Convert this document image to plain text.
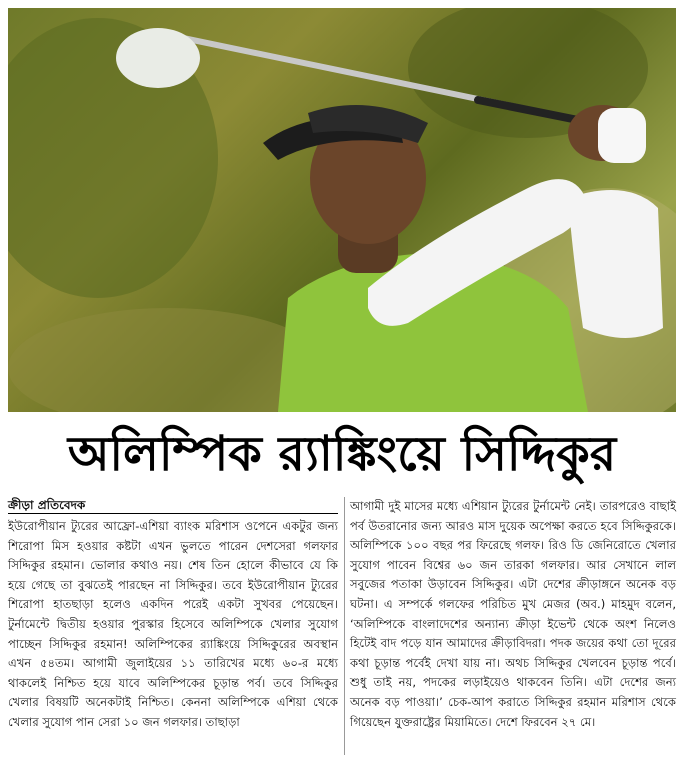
অলিম্পিক র‌্যাঙ্কিংয়ে সিদ্দিকুর
ক্রীড়া প্রতিবেদক
ইউরোপীয়ান ট্যুরের আফ্রো-এশিয়া ব্যাংক মরিশাস ওপেনে একটুর জন্য শিরোপা মিস হওয়ার কষ্টটা এখন ভুলতে পারেন দেশসেরা গলফার সিদ্দিকুর রহমান। ভোলার কথাও নয়। শেষ তিন হোলে কীভাবে যে কি হয়ে গেছে তা বুঝতেই পারছেন না সিদ্দিকুর। তবে ইউরোপীয়ান ট্যুরের শিরোপা হাতছাড়া হলেও একদিন পরেই একটা সুখবর পেয়েছেন। টুর্নামেন্টে দ্বিতীয় হওয়ার পুরস্কার হিসেবে অলিম্পিকে খেলার সুযোগ পাচ্ছেন সিদ্দিকুর রহমান! অলিম্পিকের র‌্যাঙ্কিংয়ে সিদ্দিকুরের অবস্থান এখন ৫৪তম। আগামী জুলাইয়ের ১১ তারিখের মধ্যে ৬০-র মধ্যে থাকলেই নিশ্চিত হয়ে যাবে অলিম্পিকের চূড়ান্ত পর্ব। তবে সিদ্দিকুর খেলার বিষয়টি অনেকটাই নিশ্চিত। কেননা অলিম্পিকে এশিয়া থেকে খেলার সুযোগ পান সেরা ১০ জন গলফার। তাছাড়া
আগামী দুই মাসের মধ্যে এশিয়ান ট্যুরের টুর্নামেন্ট নেই। তারপরেও বাছাই পর্ব উতরানোর জন্য আরও মাস দুয়েক অপেক্ষা করতে হবে সিদ্দিকুরকে। অলিম্পিকে ১০০ বছর পর ফিরেছে গলফ। রিও ডি জেনিরোতে খেলার সুযোগ পাবেন বিশ্বের ৬০ জন তারকা গলফার। আর সেখানে লাল সবুজের পতাকা উড়াবেন সিদ্দিকুর। এটা দেশের ক্রীড়াঙ্গনে অনেক বড় ঘটনা। এ সম্পর্কে গলফের পরিচিত মুখ মেজর (অব.) মাহমুদ বলেন, ‘অলিম্পিকে বাংলাদেশের অন্যান্য ক্রীড়া ইভেন্ট থেকে অংশ নিলেও হিটেই বাদ পড়ে যান আমাদের ক্রীড়াবিদরা। পদক জয়ের কথা তো দূরের কথা চূড়ান্ত পর্বেই দেখা যায় না। অথচ সিদ্দিকুর খেলবেন চূড়ান্ত পর্বে। শুধু তাই নয়, পদকের লড়াইয়েও থাকবেন তিনি। এটা দেশের জন্য অনেক বড় পাওয়া।’ চেক-আপ করাতে সিদ্দিকুর রহমান মরিশাস থেকে গিয়েছেন যুক্তরাষ্ট্রের মিয়ামিতে। দেশে ফিরবেন ২৭ মে।
